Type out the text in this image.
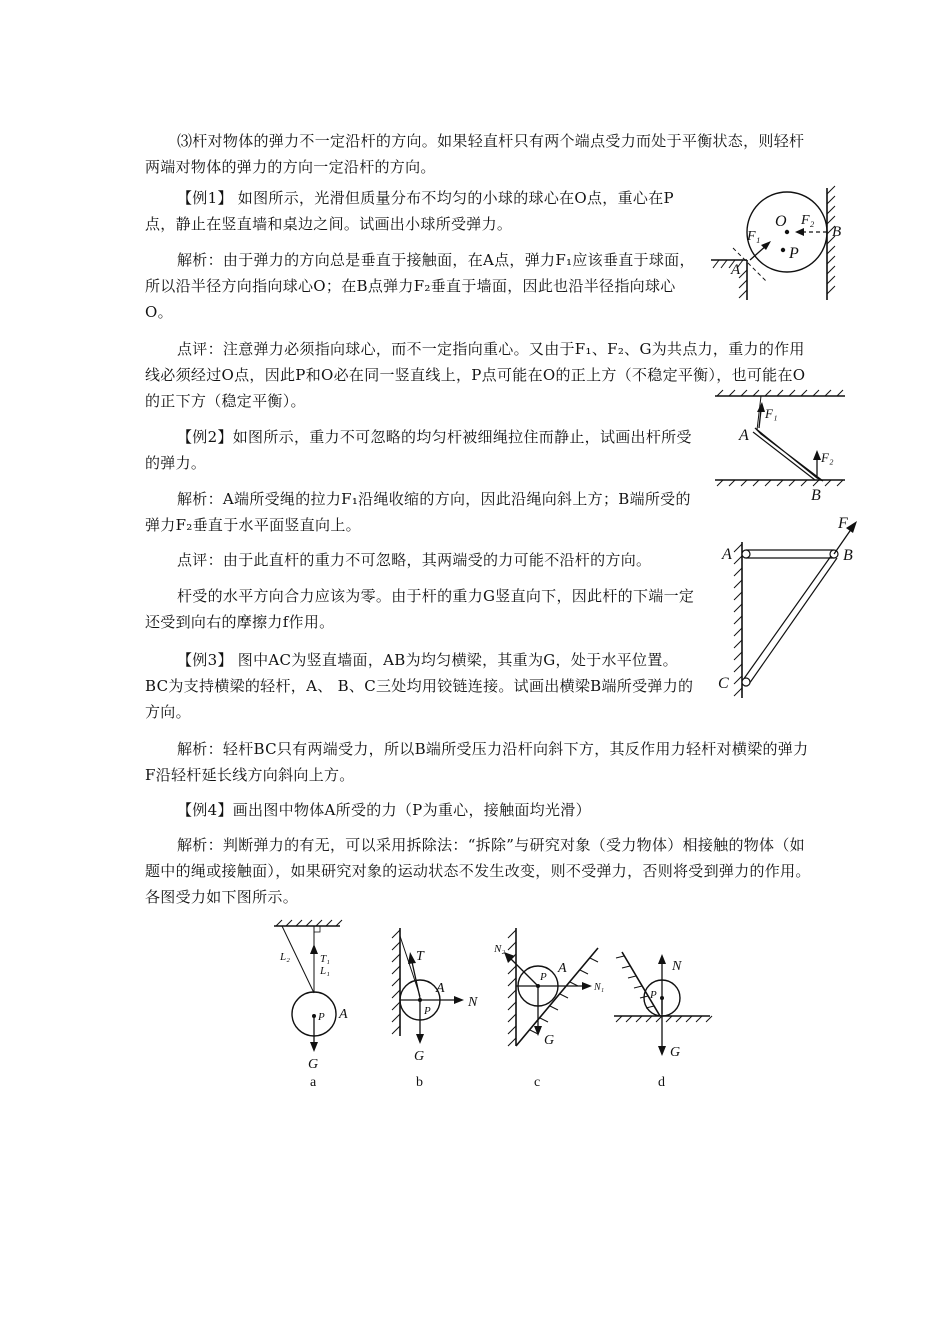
⑶杆对物体的弹力不一定沿杆的方向。如果轻直杆只有两个端点受力而处于平衡状态，则轻杆两端对物体的弹力的方向一定沿杆的方向。

【例1】 如图所示，光滑但质量分布不均匀的小球的球心在O点，重心在P点，静止在竖直墙和桌边之间。试画出小球所受弹力。

解析：由于弹力的方向总是垂直于接触面，在A点，弹力F₁应该垂直于球面，所以沿半径方向指向球心O；在B点弹力F₂垂直于墙面，因此也沿半径指向球心O。

点评：注意弹力必须指向球心，而不一定指向重心。又由于F₁、F₂、G为共点力，重力的作用线必须经过O点，因此P和O必在同一竖直线上，P点可能在O的正上方（不稳定平衡），也可能在O的正下方（稳定平衡）。

【例2】如图所示，重力不可忽略的均匀杆被细绳拉住而静止，试画出杆所受的弹力。

解析：A端所受绳的拉力F₁沿绳收缩的方向，因此沿绳向斜上方；B端所受的弹力F₂垂直于水平面竖直向上。

点评：由于此直杆的重力不可忽略，其两端受的力可能不沿杆的方向。

杆受的水平方向合力应该为零。由于杆的重力G竖直向下，因此杆的下端一定还受到向右的摩擦力f作用。

【例3】 图中AC为竖直墙面，AB为均匀横梁，其重为G，处于水平位置。BC为支持横梁的轻杆，A、 B、C三处均用铰链连接。试画出横梁B端所受弹力的方向。

解析：轻杆BC只有两端受力，所以B端所受压力沿杆向斜下方，其反作用力轻杆对横梁的弹力F沿轻杆延长线方向斜向上方。

【例4】画出图中物体A所受的力（P为重心，接触面均光滑）

解析：判断弹力的有无，可以采用拆除法：“拆除”与研究对象（受力物体）相接触的物体（如题中的绳或接触面），如果研究对象的运动状态不发生改变，则不受弹力，否则将受到弹力的作用。各图受力如下图所示。

O
P
F₁
F₂
A
B
F₁
A
F₂
B
F
A	B
C
L₂	T₁
L₁
P A
G
a
T
A
P
N
G
b
N₂
P
A
N₁
G
c
N
P
G
d
